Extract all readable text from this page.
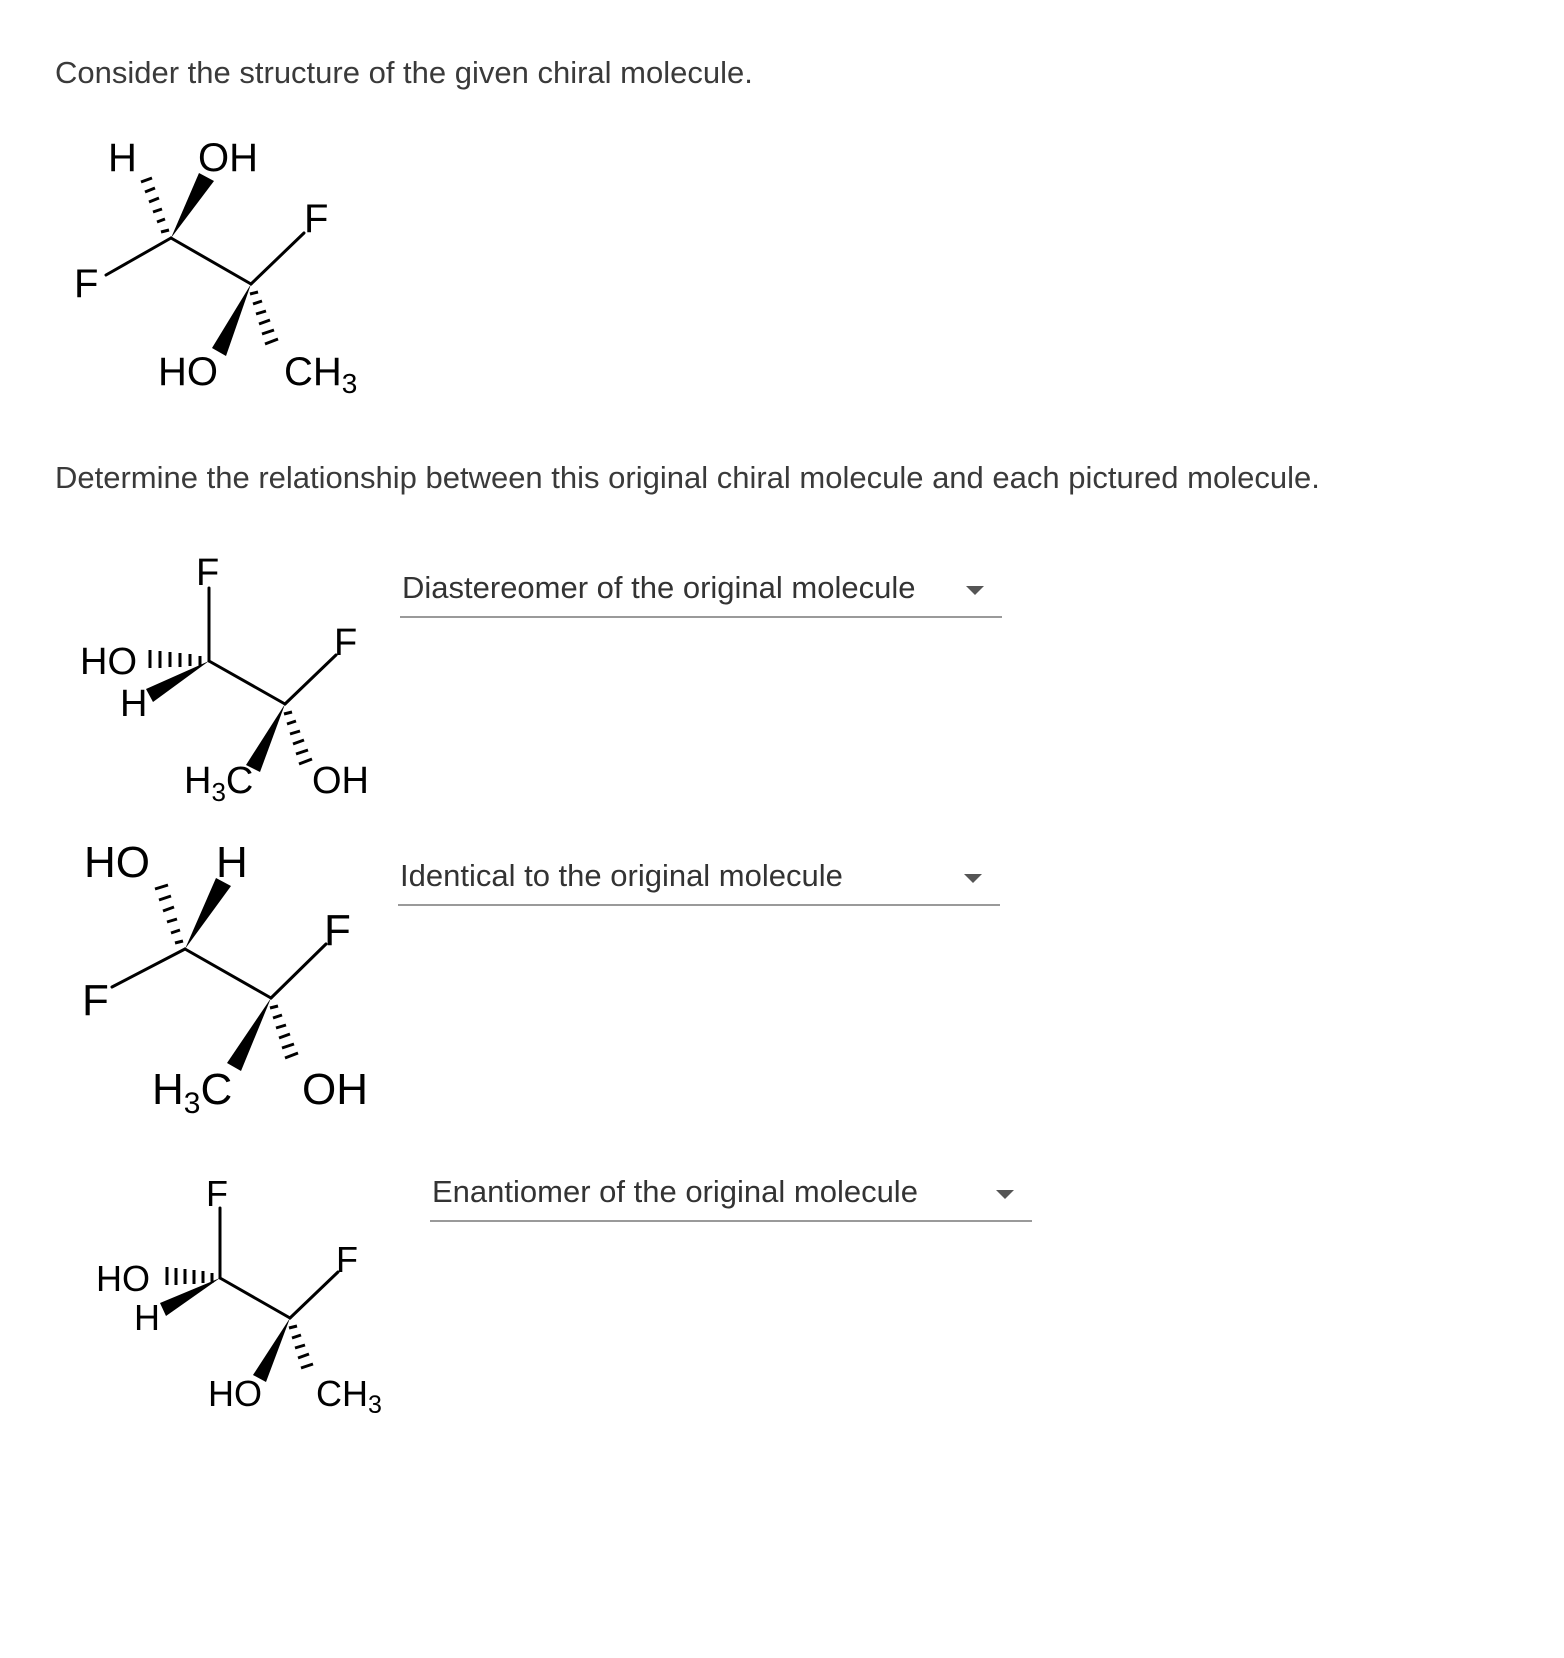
Consider the structure of the given chiral molecule.

H OH
F
F
HO $CH_3$

Determine the relationship between this original chiral molecule and each pictured molecule.

F
HO
H
F
$H_3C$ OH
Diastereomer of the original molecule
HO H
F
F
$H_3C$ OH
Identical to the original molecule
F
HO
H
F
HO CH3
Enantiomer of the original molecule
